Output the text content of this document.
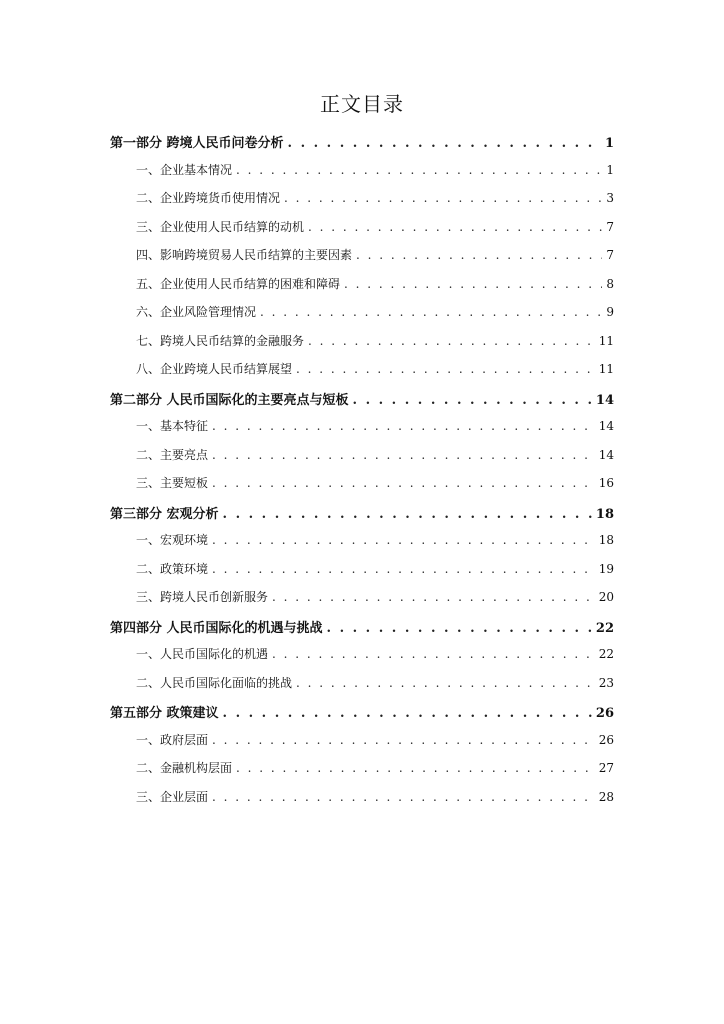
正文目录
第一部分 跨境人民币问卷分析 . . .	1
一、企业基本情况 . . .	1
二、企业跨境货币使用情况 . . .	3
三、企业使用人民币结算的动机 . . .	7
四、影响跨境贸易人民币结算的主要因素 . . .	7
五、企业使用人民币结算的困难和障碍 . . .	8
六、企业风险管理情况 . . .	9
七、跨境人民币结算的金融服务 . . .	11
八、企业跨境人民币结算展望 . . .	11
第二部分 人民币国际化的主要亮点与短板 . . .	14
一、基本特征 . . .	14
二、主要亮点 . . .	14
三、主要短板 . . .	16
第三部分 宏观分析 . . .	18
一、宏观环境 . . .	18
二、政策环境 . . .	19
三、跨境人民币创新服务 . . .	20
第四部分 人民币国际化的机遇与挑战 . . .	22
一、人民币国际化的机遇 . . .	22
二、人民币国际化面临的挑战 . . .	23
第五部分 政策建议 . . .	26
一、政府层面 . . .	26
二、金融机构层面 . . .	27
三、企业层面 . . .	28
